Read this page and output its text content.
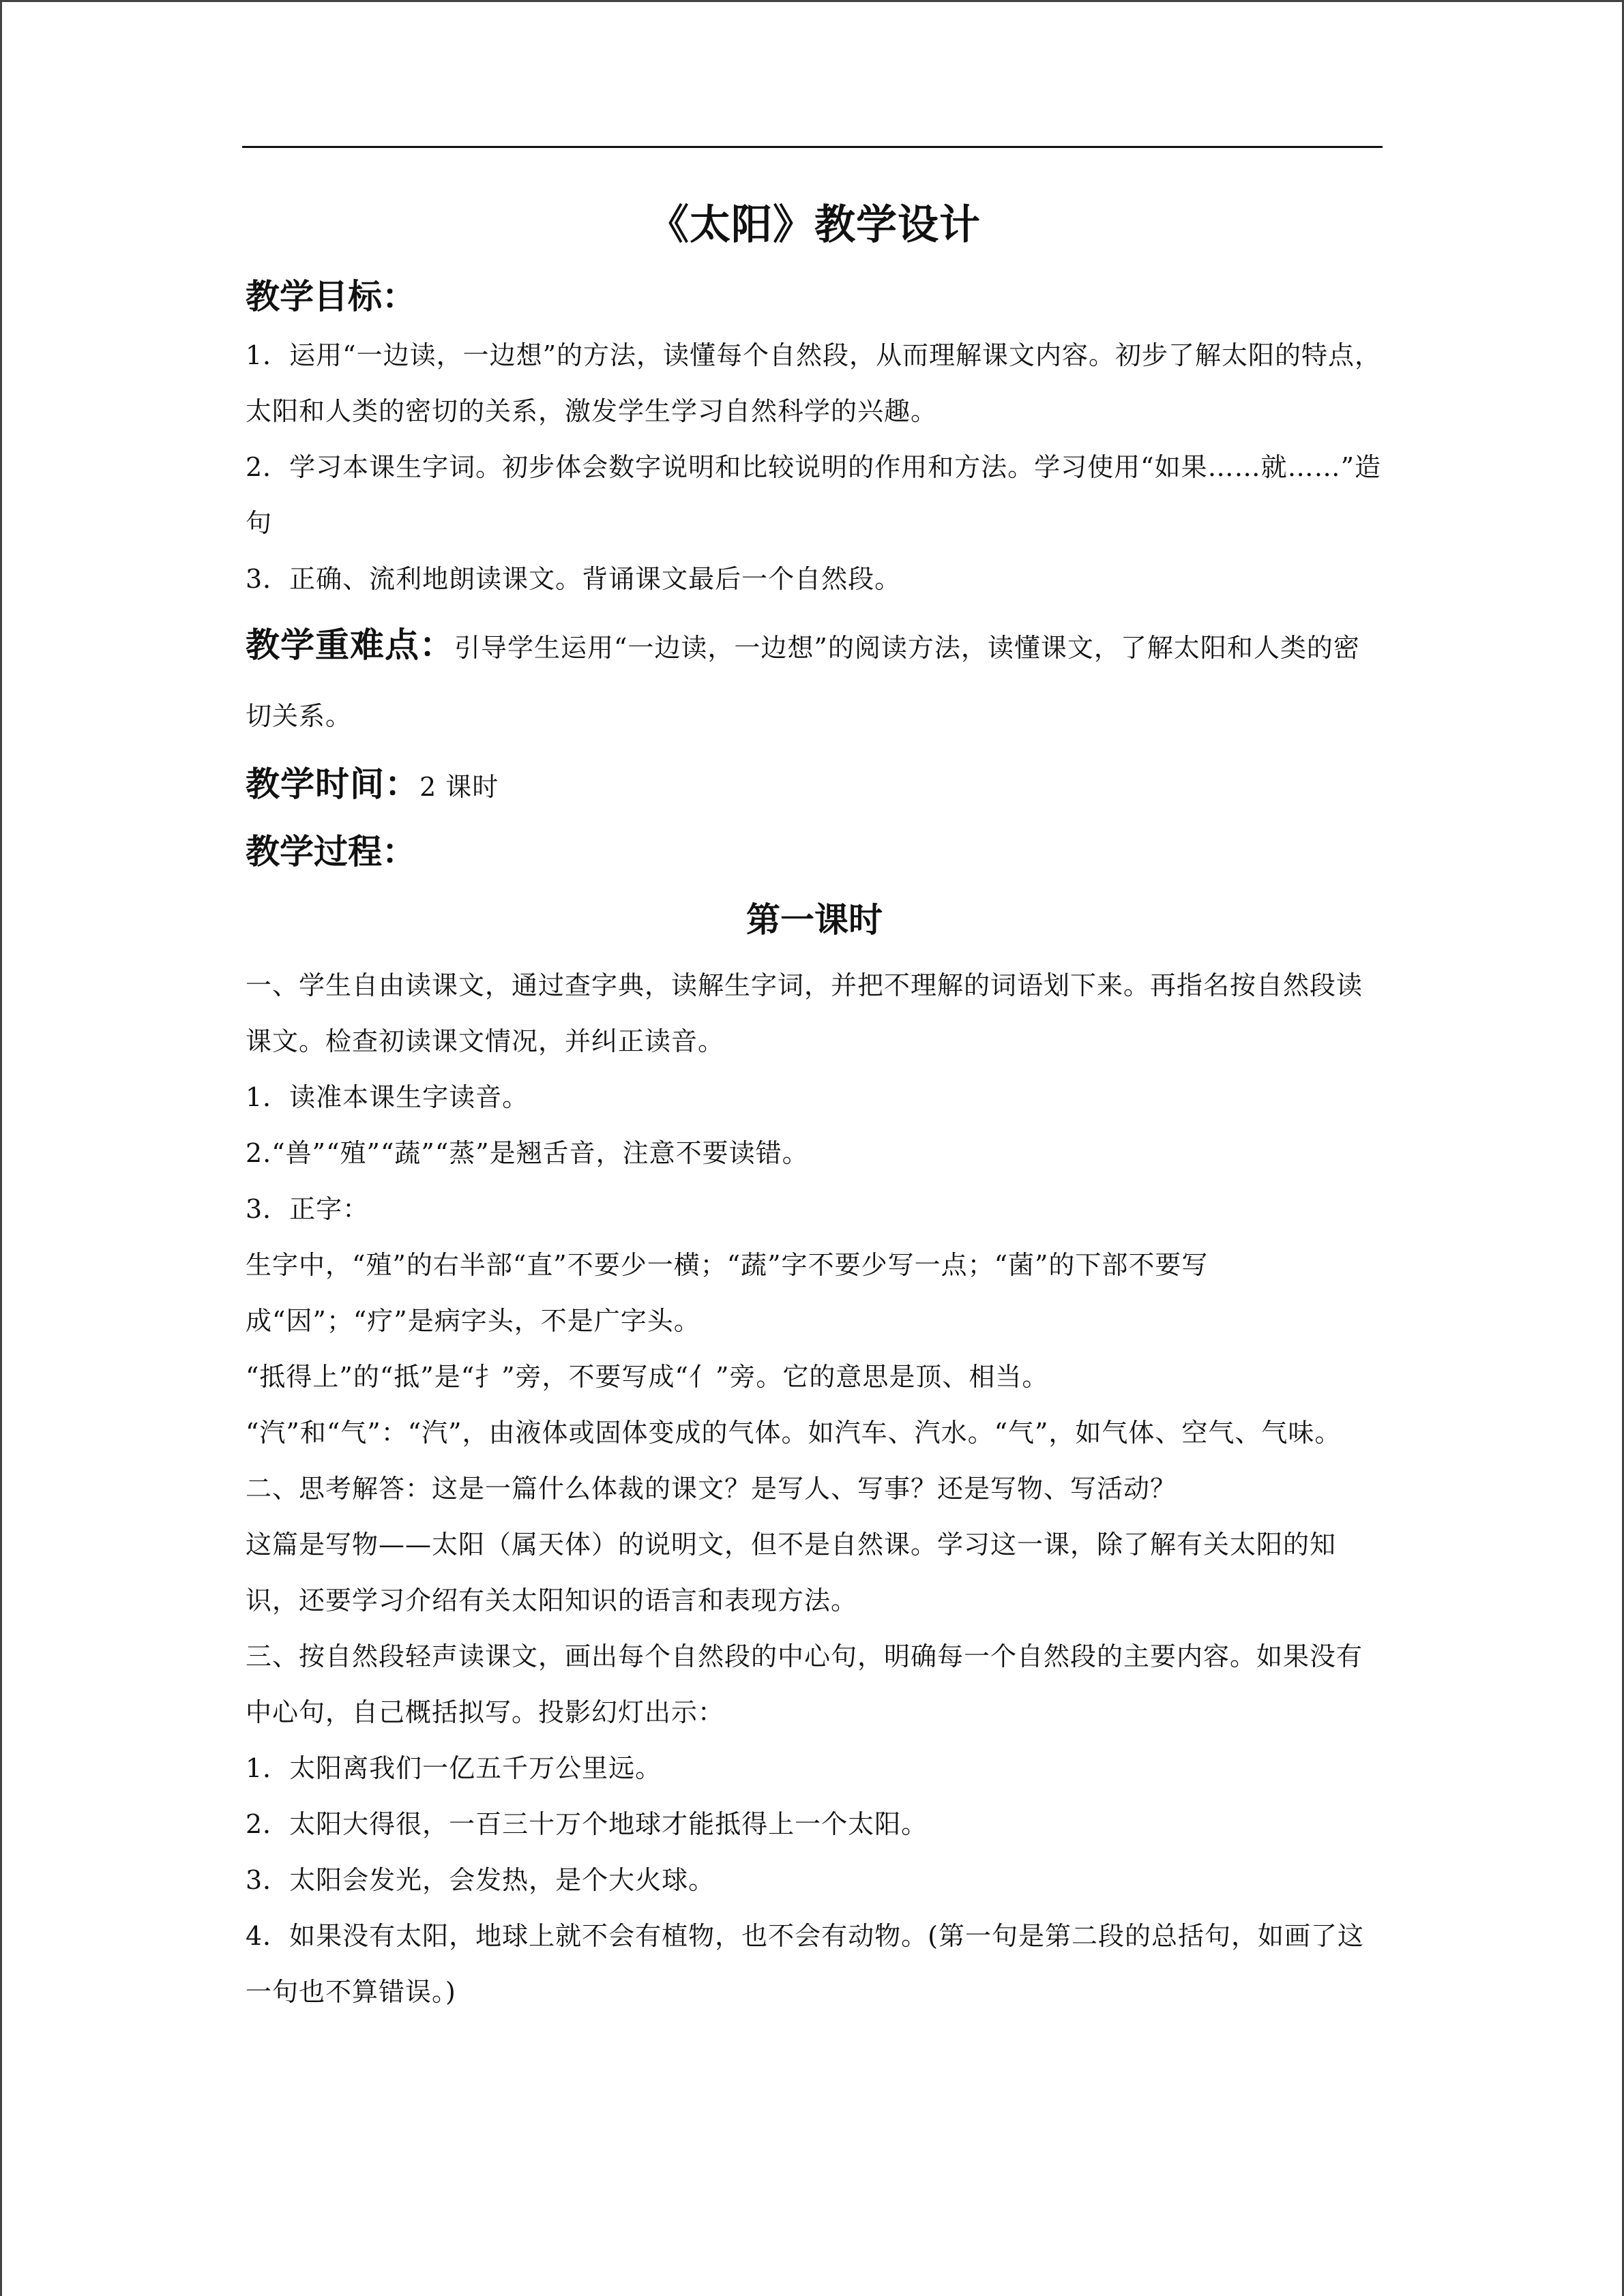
《太阳》教学设计
教学目标：

1．运用“一边读，一边想”的方法，读懂每个自然段，从而理解课文内容。初步了解太阳的特点，太阳和人类的密切的关系，激发学生学习自然科学的兴趣。

2．学习本课生字词。初步体会数字说明和比较说明的作用和方法。学习使用“如果……就……”造句

3．正确、流利地朗读课文。背诵课文最后一个自然段。

教学重难点：引导学生运用“一边读，一边想”的阅读方法，读懂课文，了解太阳和人类的密切关系。

教学时间：2 课时

教学过程：
第一课时

一、学生自由读课文，通过查字典，读解生字词，并把不理解的词语划下来。再指名按自然段读课文。检查初读课文情况，并纠正读音。

1．读准本课生字读音。

2.“兽”“殖”“蔬”“蒸”是翘舌音，注意不要读错。

3．正字：

生字中，“殖”的右半部“直”不要少一横；“蔬”字不要少写一点；“菌”的下部不要写成“因”；“疗”是病字头，不是广字头。

“抵得上”的“抵”是“扌”旁，不要写成“亻”旁。它的意思是顶、相当。

“汽”和“气”：“汽”，由液体或固体变成的气体。如汽车、汽水。“气”，如气体、空气、气味。

二、思考解答：这是一篇什么体裁的课文？是写人、写事？还是写物、写活动？

这篇是写物——太阳（属天体）的说明文，但不是自然课。学习这一课，除了解有关太阳的知识，还要学习介绍有关太阳知识的语言和表现方法。

三、按自然段轻声读课文，画出每个自然段的中心句，明确每一个自然段的主要内容。如果没有中心句，自己概括拟写。投影幻灯出示：

1．太阳离我们一亿五千万公里远。

2．太阳大得很，一百三十万个地球才能抵得上一个太阳。

3．太阳会发光，会发热，是个大火球。

4．如果没有太阳，地球上就不会有植物，也不会有动物。(第一句是第二段的总括句，如画了这一句也不算错误。)
